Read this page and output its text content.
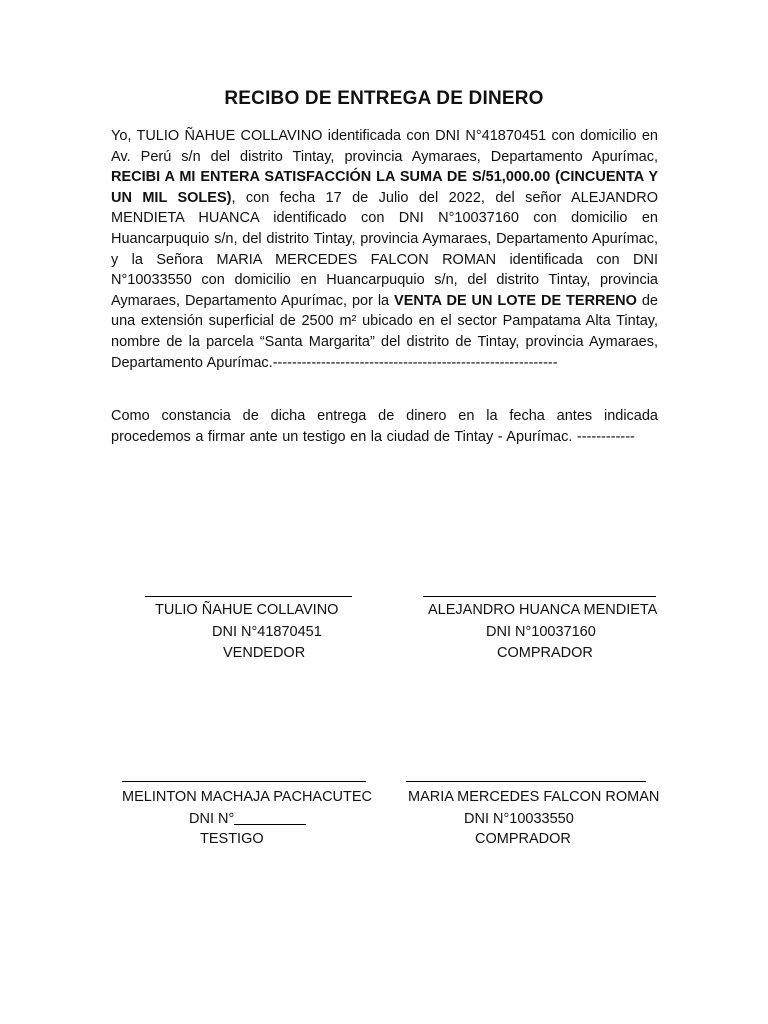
RECIBO DE ENTREGA DE DINERO
Yo, TULIO ÑAHUE COLLAVINO identificada con DNI N°41870451 con domicilio en Av. Perú s/n del distrito Tintay, provincia Aymaraes, Departamento Apurímac, RECIBI A MI ENTERA SATISFACCIÓN LA SUMA DE S/51,000.00 (CINCUENTA Y UN MIL SOLES), con fecha 17 de Julio del 2022, del señor ALEJANDRO MENDIETA HUANCA identificado con DNI N°10037160 con domicilio en Huancarpuquio s/n, del distrito Tintay, provincia Aymaraes, Departamento Apurímac, y la Señora MARIA MERCEDES FALCON ROMAN identificada con DNI N°10033550 con domicilio en Huancarpuquio s/n, del distrito Tintay, provincia Aymaraes, Departamento Apurímac, por la VENTA DE UN LOTE DE TERRENO de una extensión superficial de 2500 m² ubicado en el sector Pampatama Alta Tintay, nombre de la parcela “Santa Margarita” del distrito de Tintay, provincia Aymaraes, Departamento Apurímac.-----------------------------------------------------------
Como constancia de dicha entrega de dinero en la fecha antes indicada procedemos a firmar ante un testigo en la ciudad de Tintay - Apurímac. ------------
TULIO ÑAHUE COLLAVINO
DNI N°41870451
VENDEDOR
ALEJANDRO HUANCA MENDIETA
DNI N°10037160
COMPRADOR
MELINTON MACHAJA PACHACUTEC
DNI N°
TESTIGO
MARIA MERCEDES FALCON ROMAN
DNI N°10033550
COMPRADOR
